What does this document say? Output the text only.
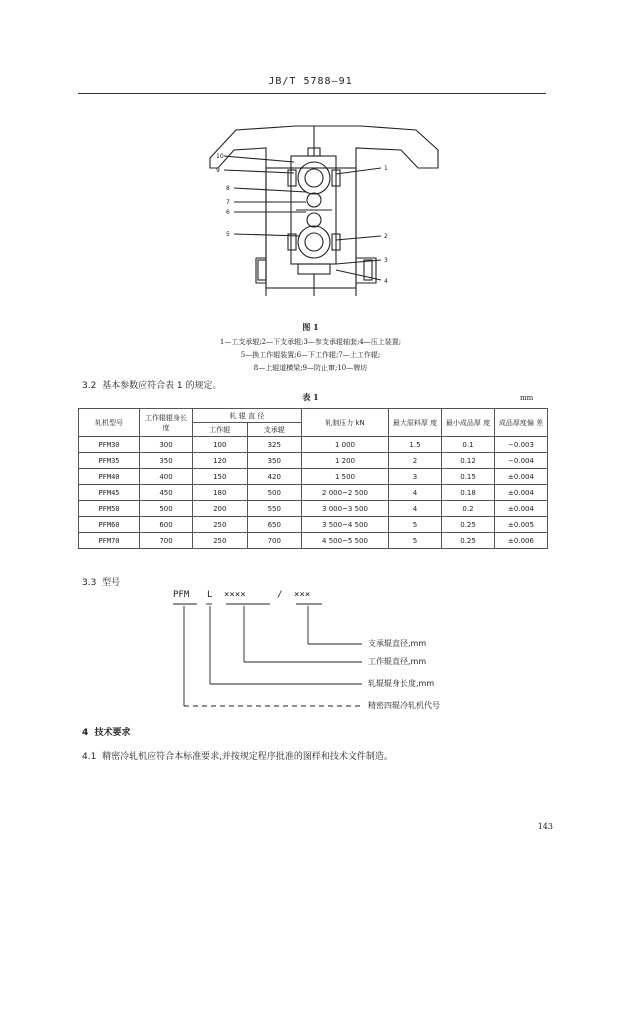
JB/T 5788—91
10
9	1
8
7
6
5	2
3
4
图 1
1—工支承辊;2—下支承辊;3—参支承辊轴套;4—压上装置;
5—换工作辊装置;6—下工作辊;7—上工作辊;
8—上辊道横梁;9—防止窜;10—牌坊
3.2 基本参数应符合表 1 的规定。
表 1	mm
轧机型号	工作辊辊身长度	轧 辊 直 径		轧制压力 kN	最大原料厚 度	最小成品厚 度	成品厚度偏 差
		工作辊	支承辊				
PFM30	300	100	325	1 000	1.5	0.1	−0.003
PFM35	350	120	350	1 200	2	0.12	−0.004
PFM40	400	150	420	1 500	3	0.15	±0.004
PFM45	450	180	500	2 000~2 500	4	0.18	±0.004
PFM50	500	200	550	3 000~3 500	4	0.2	±0.004
PFM60	600	250	650	3 500~4 500	5	0.25	±0.005
PFM70	700	250	700	4 500~5 500	5	0.25	±0.006
3.3 型号
PFM L ××××	/ ×××
支承辊直径,mm
工作辊直径,mm
轧辊辊身长度,mm
精密四辊冷轧机代号
4 技术要求
4.1 精密冷轧机应符合本标准要求,并按规定程序批准的图样和技术文件制造。
143
